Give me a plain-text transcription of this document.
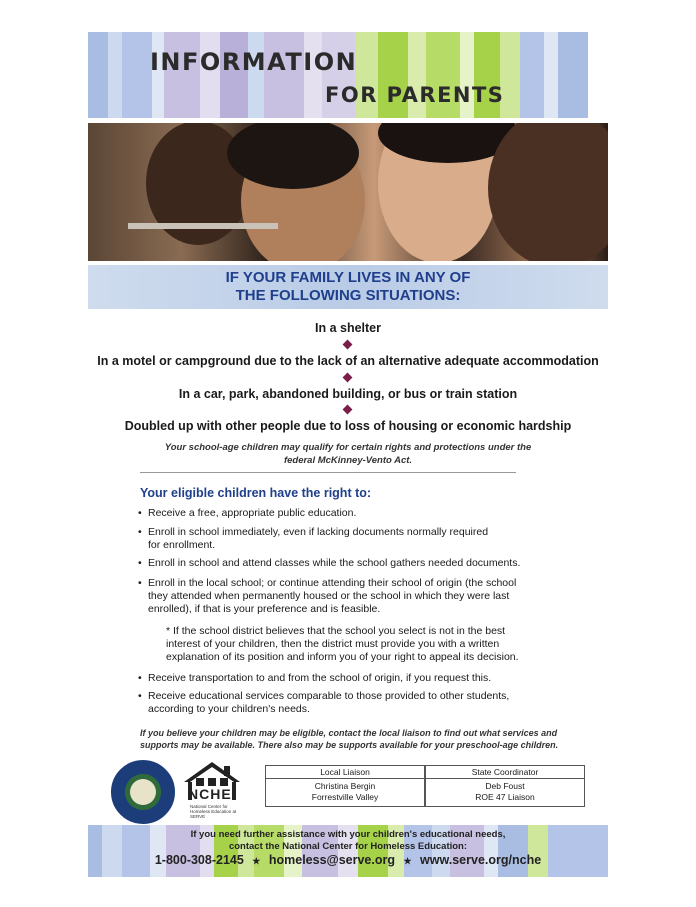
INFORMATION
FOR PARENTS
IF YOUR FAMILY LIVES IN ANY OF
THE FOLLOWING SITUATIONS:
In a shelter
In a motel or campground due to the lack of an alternative adequate accommodation
In a car, park, abandoned building, or bus or train station
Doubled up with other people due to loss of housing or economic hardship
Your school-age children may qualify for certain rights and protections under the
federal McKinney-Vento Act.
Your eligible children have the right to:
• Receive a free, appropriate public education.
• Enroll in school immediately, even if lacking documents normally required
for enrollment.
• Enroll in school and attend classes while the school gathers needed documents.
• Enroll in the local school; or continue attending their school of origin (the school
they attended when permanently housed or the school in which they were last
enrolled), if that is your preference and is feasible.
* If the school district believes that the school you select is not in the best
interest of your children, then the district must provide you with a written
explanation of its position and inform you of your right to appeal its decision.
• Receive transportation to and from the school of origin, if you request this.
• Receive educational services comparable to those provided to other students,
according to your children's needs.
If you believe your children may be eligible, contact the local liaison to find out what services and
supports may be available. There also may be supports available for your preschool-age children.
NCHE
National Center for Homeless Education at SERVE
Local Liaison
Christina Bergin
Forrestville Valley
State Coordinator
Deb Foust
ROE 47 Liaison
If you need further assistance with your children's educational needs,
contact the National Center for Homeless Education:
1-800-308-2145 ★ homeless@serve.org ★ www.serve.org/nche
